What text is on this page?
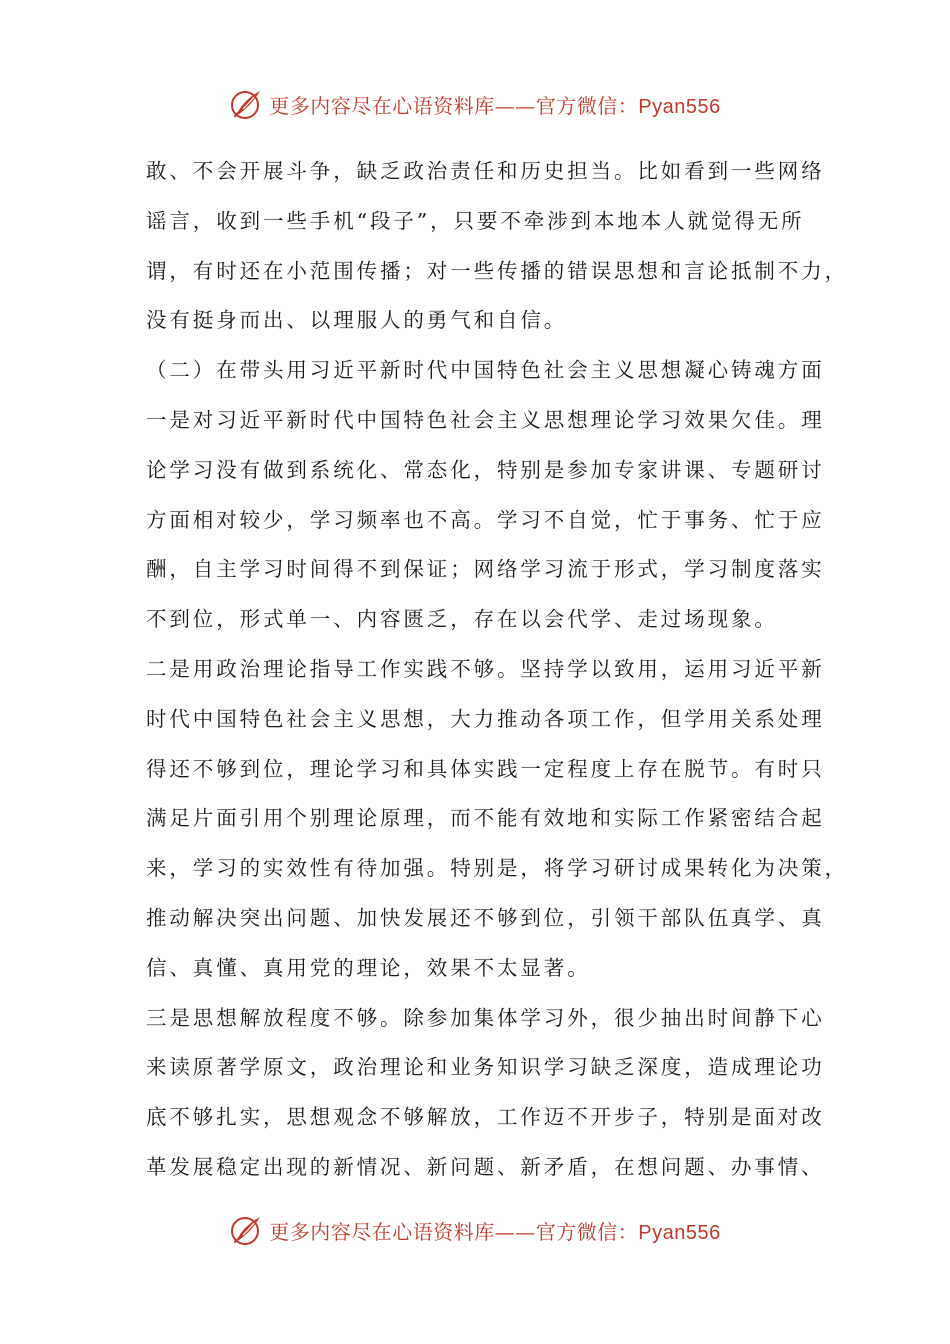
更多内容尽在心语资料库——官方微信：Pyan556
敢、不会开展斗争，缺乏政治责任和历史担当。比如看到一些网络
谣言，收到一些手机“段子”，只要不牵涉到本地本人就觉得无所
谓，有时还在小范围传播；对一些传播的错误思想和言论抵制不力，
没有挺身而出、以理服人的勇气和自信。
（二）在带头用习近平新时代中国特色社会主义思想凝心铸魂方面
一是对习近平新时代中国特色社会主义思想理论学习效果欠佳。理
论学习没有做到系统化、常态化，特别是参加专家讲课、专题研讨
方面相对较少，学习频率也不高。学习不自觉，忙于事务、忙于应
酬，自主学习时间得不到保证；网络学习流于形式，学习制度落实
不到位，形式单一、内容匮乏，存在以会代学、走过场现象。
二是用政治理论指导工作实践不够。坚持学以致用，运用习近平新
时代中国特色社会主义思想，大力推动各项工作，但学用关系处理
得还不够到位，理论学习和具体实践一定程度上存在脱节。有时只
满足片面引用个别理论原理，而不能有效地和实际工作紧密结合起
来，学习的实效性有待加强。特别是，将学习研讨成果转化为决策，
推动解决突出问题、加快发展还不够到位，引领干部队伍真学、真
信、真懂、真用党的理论，效果不太显著。
三是思想解放程度不够。除参加集体学习外，很少抽出时间静下心
来读原著学原文，政治理论和业务知识学习缺乏深度，造成理论功
底不够扎实，思想观念不够解放，工作迈不开步子，特别是面对改
革发展稳定出现的新情况、新问题、新矛盾，在想问题、办事情、
更多内容尽在心语资料库——官方微信：Pyan556
